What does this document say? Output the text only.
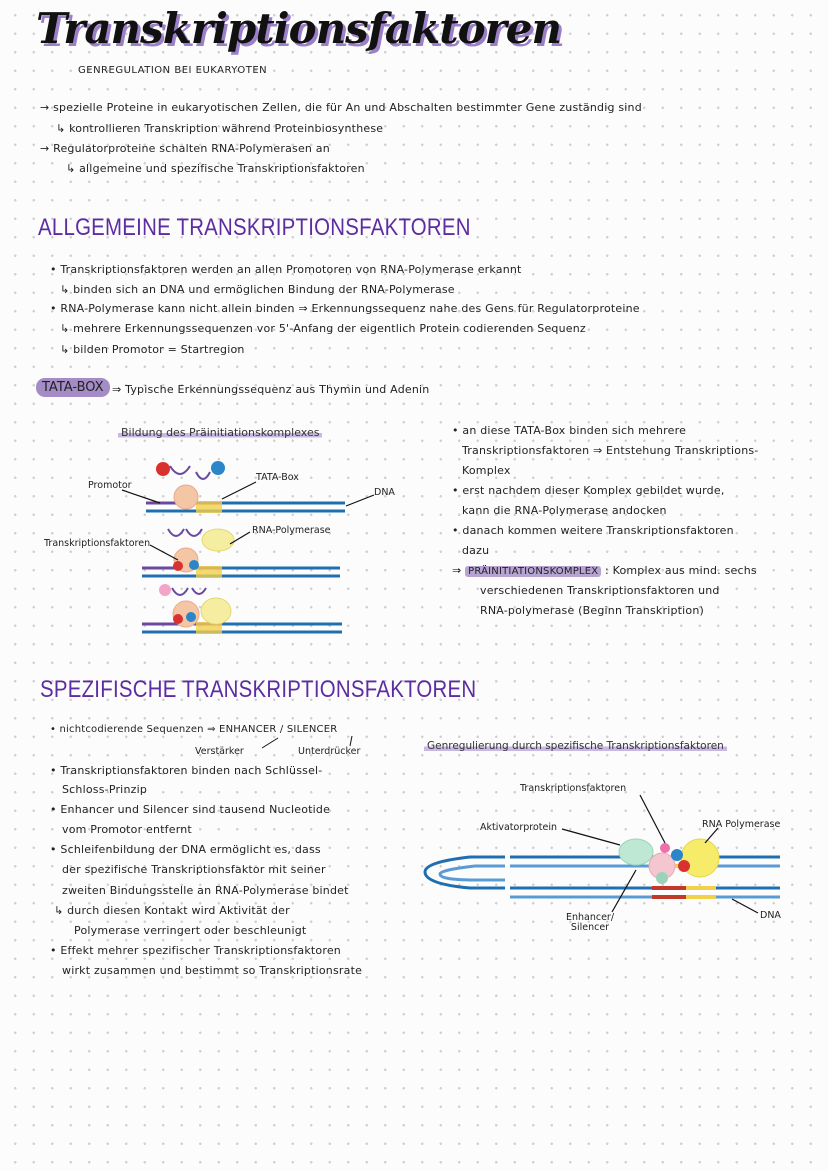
Transkriptionsfaktoren
GENREGULATION BEI EUKARYOTEN
→ spezielle Proteine in eukaryotischen Zellen, die für An und Abschalten bestimmter Gene zuständig sind
↳ kontrollieren Transkription während Proteinbiosynthese
→ Regulatorproteine schalten RNA-Polymerasen an
↳ allgemeine und spezifische Transkriptionsfaktoren
ALLGEMEINE TRANSKRIPTIONSFAKTOREN
• Transkriptionsfaktoren werden an allen Promotoren von RNA-Polymerase erkannt
↳ binden sich an DNA und ermöglichen Bindung der RNA-Polymerase
• RNA-Polymerase kann nicht allein binden ⇒ Erkennungssequenz nahe des Gens für Regulatorproteine
↳ mehrere Erkennungssequenzen vor 5'-Anfang der eigentlich Protein codierenden Sequenz
↳ bilden Promotor = Startregion
TATA-BOX ⇒ Typische Erkennungssequenz aus Thymin und Adenin
Bildung des Präinitiationskomplexes
Promotor
TATA-Box
DNA
RNA-Polymerase
Transkriptionsfaktoren
• an diese TATA-Box binden sich mehrere
Transkriptionsfaktoren ⇒ Entstehung Transkriptions-
Komplex
• erst nachdem dieser Komplex gebildet wurde,
kann die RNA-Polymerase andocken
• danach kommen weitere Transkriptionsfaktoren
dazu
⇒ PRÄINITIATIONSKOMPLEX : Komplex aus mind. sechs
verschiedenen Transkriptionsfaktoren und
RNA-polymerase (Beginn Transkription)
SPEZIFISCHE TRANSKRIPTIONSFAKTOREN
• nichtcodierende Sequenzen ⇒ ENHANCER / SILENCER
Verstärker	Unterdrücker
• Transkriptionsfaktoren binden nach Schlüssel-
Schloss-Prinzip
• Enhancer und Silencer sind tausend Nucleotide
vom Promotor entfernt
• Schleifenbildung der DNA ermöglicht es, dass
der spezifische Transkriptionsfaktor mit seiner
zweiten Bindungsstelle an RNA-Polymerase bindet
↳ durch diesen Kontakt wird Aktivität der
Polymerase verringert oder beschleunigt
• Effekt mehrer spezifischer Transkriptionsfaktoren
wirkt zusammen und bestimmt so Transkriptionsrate
Genregulierung durch spezifische Transkriptionsfaktoren
Transkriptionsfaktoren
Aktivatorprotein	RNA Polymerase
Enhancer/ Silencer
DNA
